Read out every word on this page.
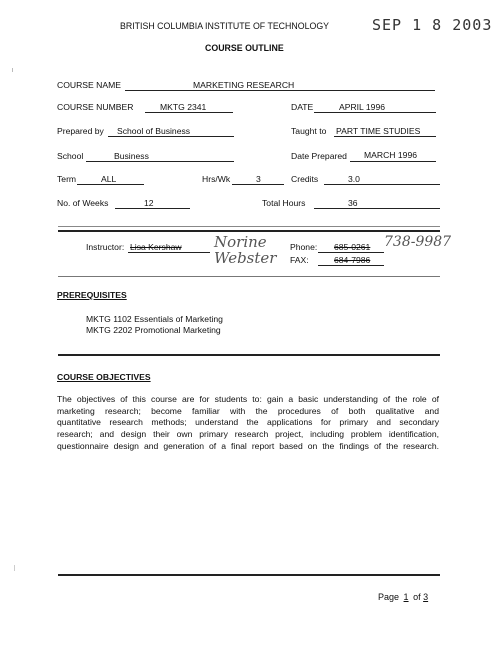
BRITISH COLUMBIA INSTITUTE OF TECHNOLOGY	SEP 1 8 2003
COURSE OUTLINE
COURSE NAME	MARKETING RESEARCH
COURSE NUMBER	MKTG 2341	DATE	APRIL 1996
Prepared by School of Business	Taught to PART TIME STUDIES
School	Business	Date Prepared MARCH 1996
Term	ALL	Hrs/Wk	3	Credits	3.0
No. of Weeks	12	Total Hours	36
Instructor: Lisa Kershaw Norine Webster
Phone: 685-0261 738-9987
FAX:	684-7986
PREREQUISITES
MKTG 1102 Essentials of Marketing
MKTG 2202 Promotional Marketing
COURSE OBJECTIVES
The objectives of this course are for students to: gain a basic understanding of the role of
marketing research; become familiar with the procedures of both qualitative and
quantitative research methods; understand the applications for primary and secondary
research; and design their own primary research project, including problem identification,
questionnaire design and generation of a final report based on the findings of the research.
Page 1 of 3
